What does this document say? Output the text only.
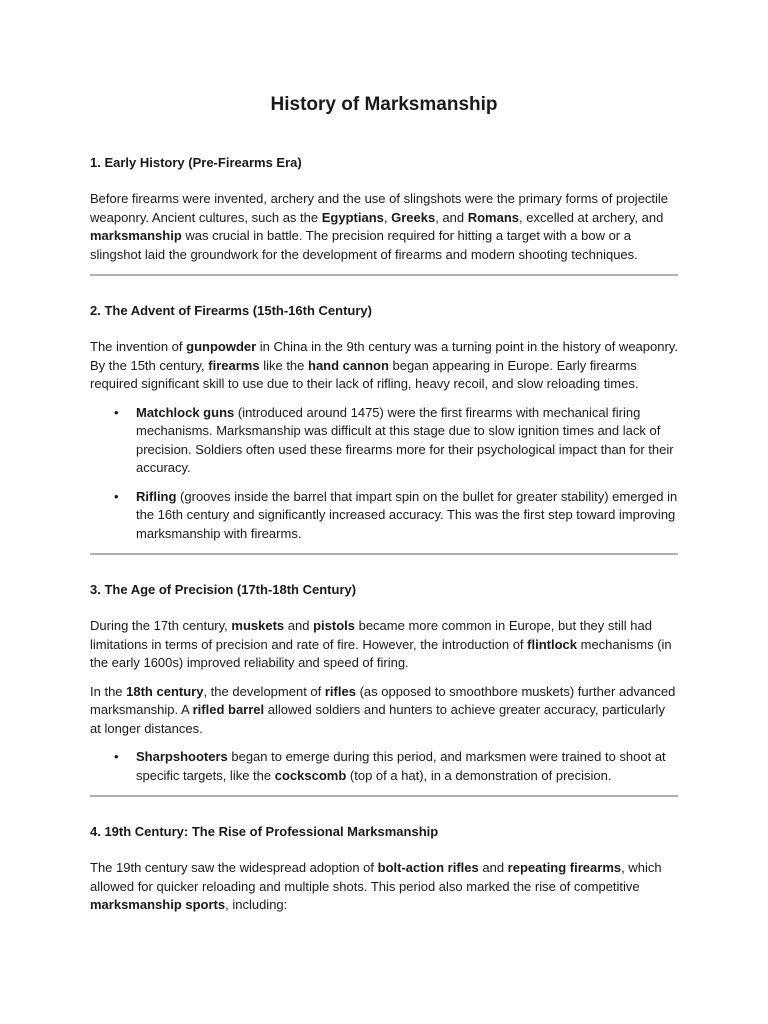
History of Marksmanship
1. Early History (Pre-Firearms Era)

Before firearms were invented, archery and the use of slingshots were the primary forms of projectile weaponry. Ancient cultures, such as the Egyptians, Greeks, and Romans, excelled at archery, and marksmanship was crucial in battle. The precision required for hitting a target with a bow or a slingshot laid the groundwork for the development of firearms and modern shooting techniques.

2. The Advent of Firearms (15th-16th Century)

The invention of gunpowder in China in the 9th century was a turning point in the history of weaponry. By the 15th century, firearms like the hand cannon began appearing in Europe. Early firearms required significant skill to use due to their lack of rifling, heavy recoil, and slow reloading times.

• Matchlock guns (introduced around 1475) were the first firearms with mechanical firing mechanisms. Marksmanship was difficult at this stage due to slow ignition times and lack of precision. Soldiers often used these firearms more for their psychological impact than for their accuracy.
• Rifling (grooves inside the barrel that impart spin on the bullet for greater stability) emerged in the 16th century and significantly increased accuracy. This was the first step toward improving marksmanship with firearms.
3. The Age of Precision (17th-18th Century)

During the 17th century, muskets and pistols became more common in Europe, but they still had limitations in terms of precision and rate of fire. However, the introduction of flintlock mechanisms (in the early 1600s) improved reliability and speed of firing.

In the 18th century, the development of rifles (as opposed to smoothbore muskets) further advanced marksmanship. A rifled barrel allowed soldiers and hunters to achieve greater accuracy, particularly at longer distances.

• Sharpshooters began to emerge during this period, and marksmen were trained to shoot at specific targets, like the cockscomb (top of a hat), in a demonstration of precision.
4. 19th Century: The Rise of Professional Marksmanship

The 19th century saw the widespread adoption of bolt-action rifles and repeating firearms, which allowed for quicker reloading and multiple shots. This period also marked the rise of competitive marksmanship sports, including:
